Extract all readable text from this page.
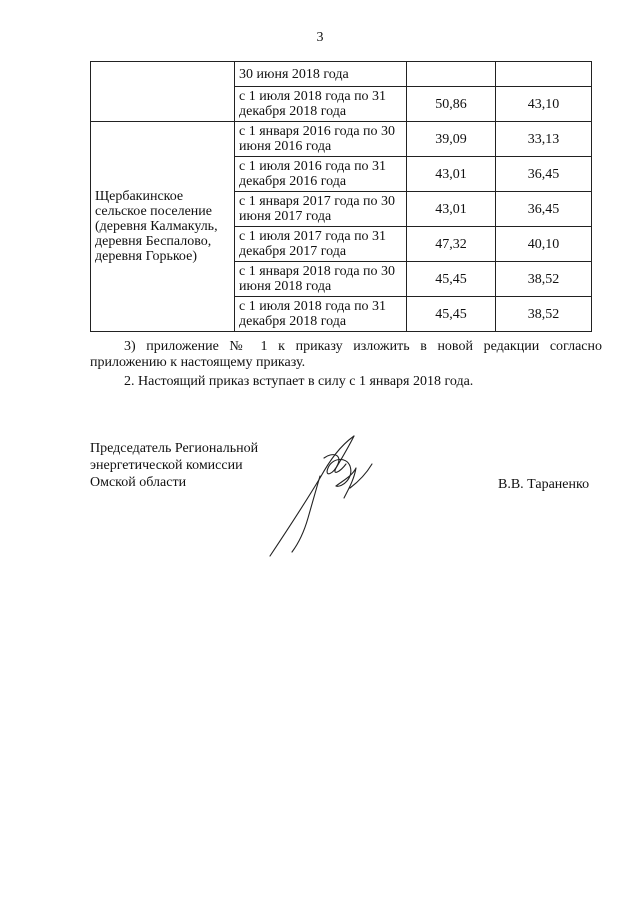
3
	30 июня 2018 года		
	с 1 июля 2018 года по 31 декабря 2018 года	50,86	43,10
Щербакинское сельское поселение (деревня Калмакуль, деревня Беспалово, деревня Горькое)	с 1 января 2016 года по 30 июня 2016 года	39,09	33,13
	с 1 июля 2016 года по 31 декабря 2016 года	43,01	36,45
	с 1 января 2017 года по 30 июня 2017 года	43,01	36,45
	с 1 июля 2017 года по 31 декабря 2017 года	47,32	40,10
	с 1 января 2018 года по 30 июня 2018 года	45,45	38,52
	с 1 июля 2018 года по 31 декабря 2018 года	45,45	38,52
3) приложение № 1 к приказу изложить в новой редакции согласно приложению к настоящему приказу.
2. Настоящий приказ вступает в силу с 1 января 2018 года.
Председатель Региональной
энергетической комиссии
Омской области	В.В. Тараненко
